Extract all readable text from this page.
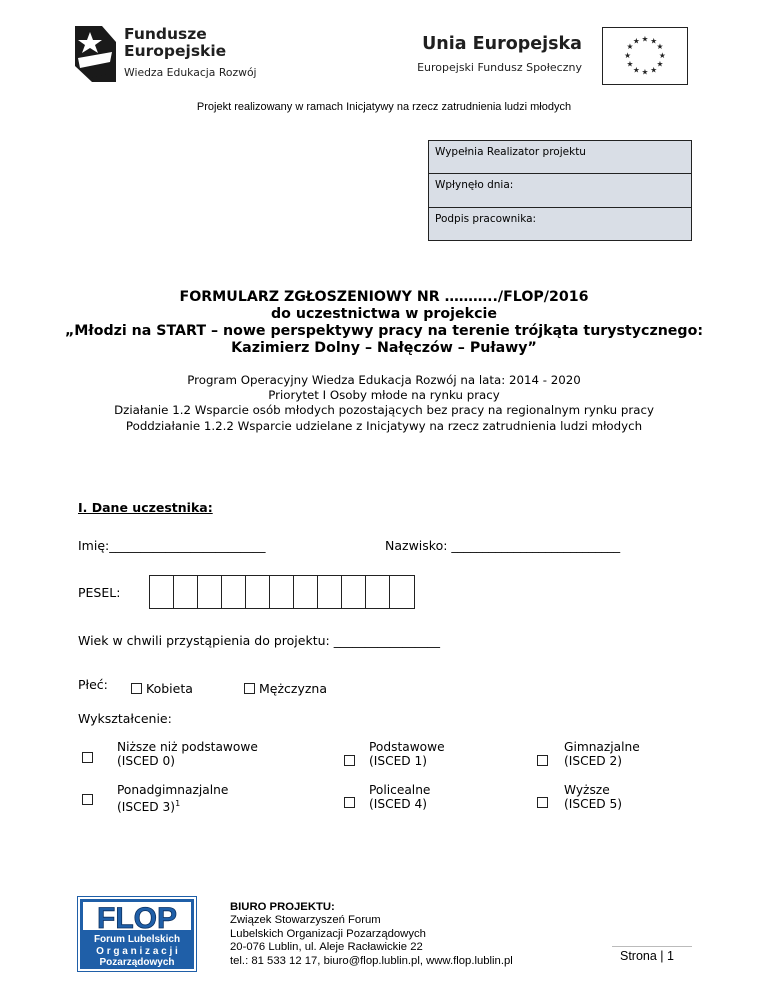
Fundusze
Europejskie
Wiedza Edukacja Rozwój
Unia Europejska
Europejski Fundusz Społeczny
★ ★
★
★
★
★
★
★
★
★
★
★
Projekt realizowany w ramach Inicjatywy na rzecz zatrudnienia ludzi młodych
Wypełnia Realizator projektu
Wpłynęło dnia:
Podpis pracownika:
FORMULARZ ZGŁOSZENIOWY NR ………../FLOP/2016
do uczestnictwa w projekcie
„Młodzi na START – nowe perspektywy pracy na terenie trójkąta turystycznego:
Kazimierz Dolny – Nałęczów – Puławy”
Program Operacyjny Wiedza Edukacja Rozwój na lata: 2014 - 2020
Priorytet I Osoby młode na rynku pracy
Działanie 1.2 Wsparcie osób młodych pozostających bez pracy na regionalnym rynku pracy
Poddziałanie 1.2.2 Wsparcie udzielane z Inicjatywy na rzecz zatrudnienia ludzi młodych
I. Dane uczestnika:
Imię:_________________________	Nazwisko: ___________________________
PESEL:
Wiek w chwili przystąpienia do projektu: _________________
Płeć:	Kobieta	Mężczyzna
Wykształcenie:
Niższe niż podstawowe
(ISCED 0)
Podstawowe
(ISCED 1)
Gimnazjalne
(ISCED 2)
Ponadgimnazjalne
(ISCED 3)$^1$
Policealne
(ISCED 4)
Wyższe
(ISCED 5)
FLOP
Forum Lubelskich
O r g a n i z a c j i
Pozarządowych
BIURO PROJEKTU:
Związek Stowarzyszeń Forum
Lubelskich Organizacji Pozarządowych
20-076 Lublin, ul. Aleje Racławickie 22
tel.: 81 533 12 17, biuro@flop.lublin.pl, www.flop.lublin.pl	Strona | 1
